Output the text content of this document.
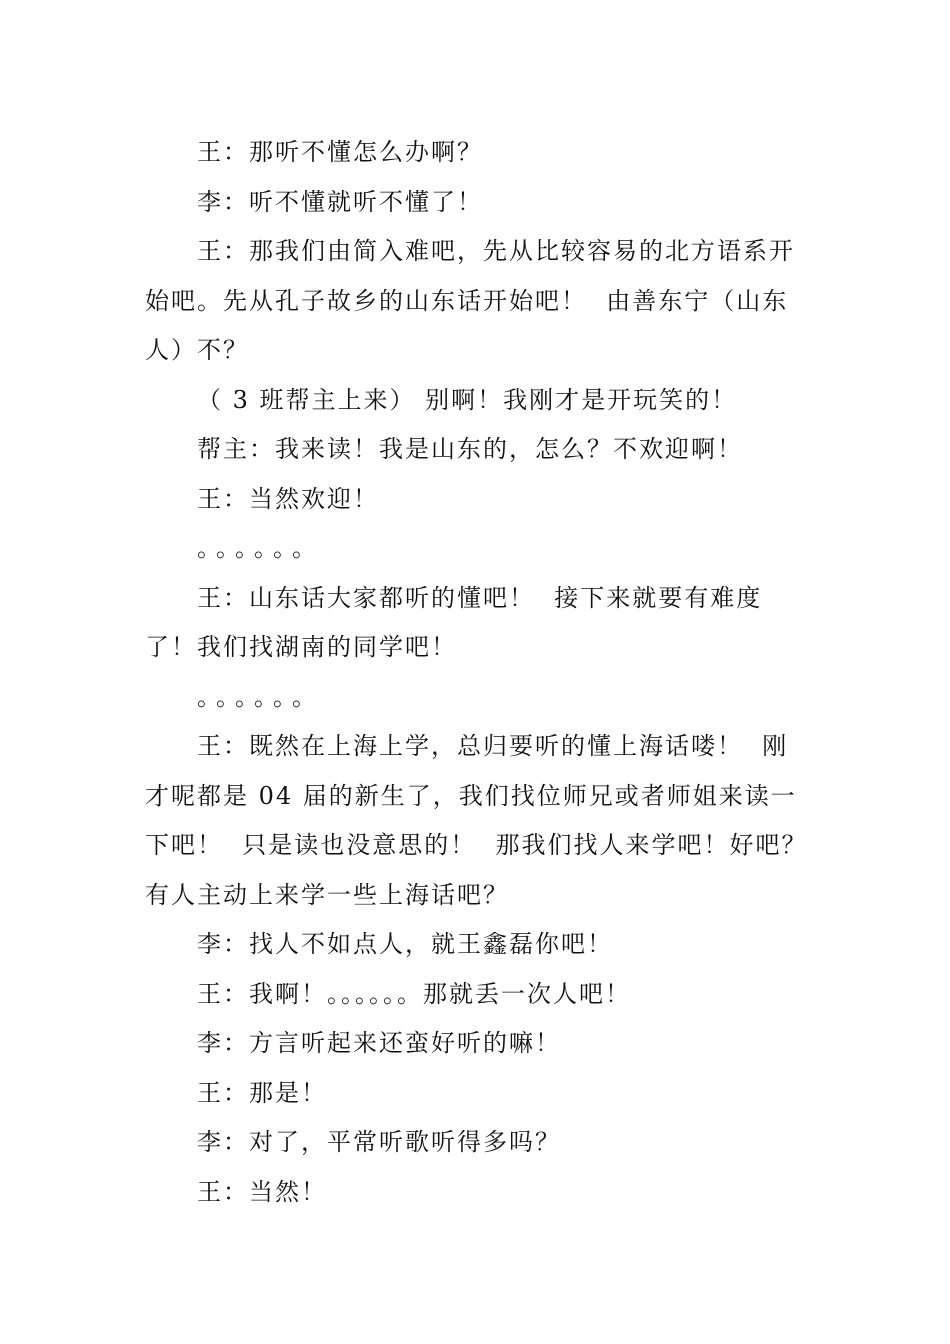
王：那听不懂怎么办啊？

李：听不懂就听不懂了！

王：那我们由简入难吧，先从比较容易的北方语系开始吧。先从孔子故乡的山东话开始吧！  由善东宁（山东人）不？

（ 3 班帮主上来） 别啊！我刚才是开玩笑的！

帮主：我来读！我是山东的，怎么？不欢迎啊！

王：当然欢迎！

。。。。。。

王：山东话大家都听的懂吧！  接下来就要有难度了！我们找湖南的同学吧！

。。。。。。

王：既然在上海上学，总归要听的懂上海话喽！  刚才呢都是 04 届的新生了，我们找位师兄或者师姐来读一下吧！  只是读也没意思的！  那我们找人来学吧！好吧？有人主动上来学一些上海话吧？

李：找人不如点人，就王鑫磊你吧！

王：我啊！。。。。。。那就丢一次人吧！

李：方言听起来还蛮好听的嘛！

王：那是！

李：对了，平常听歌听得多吗？

王：当然！
